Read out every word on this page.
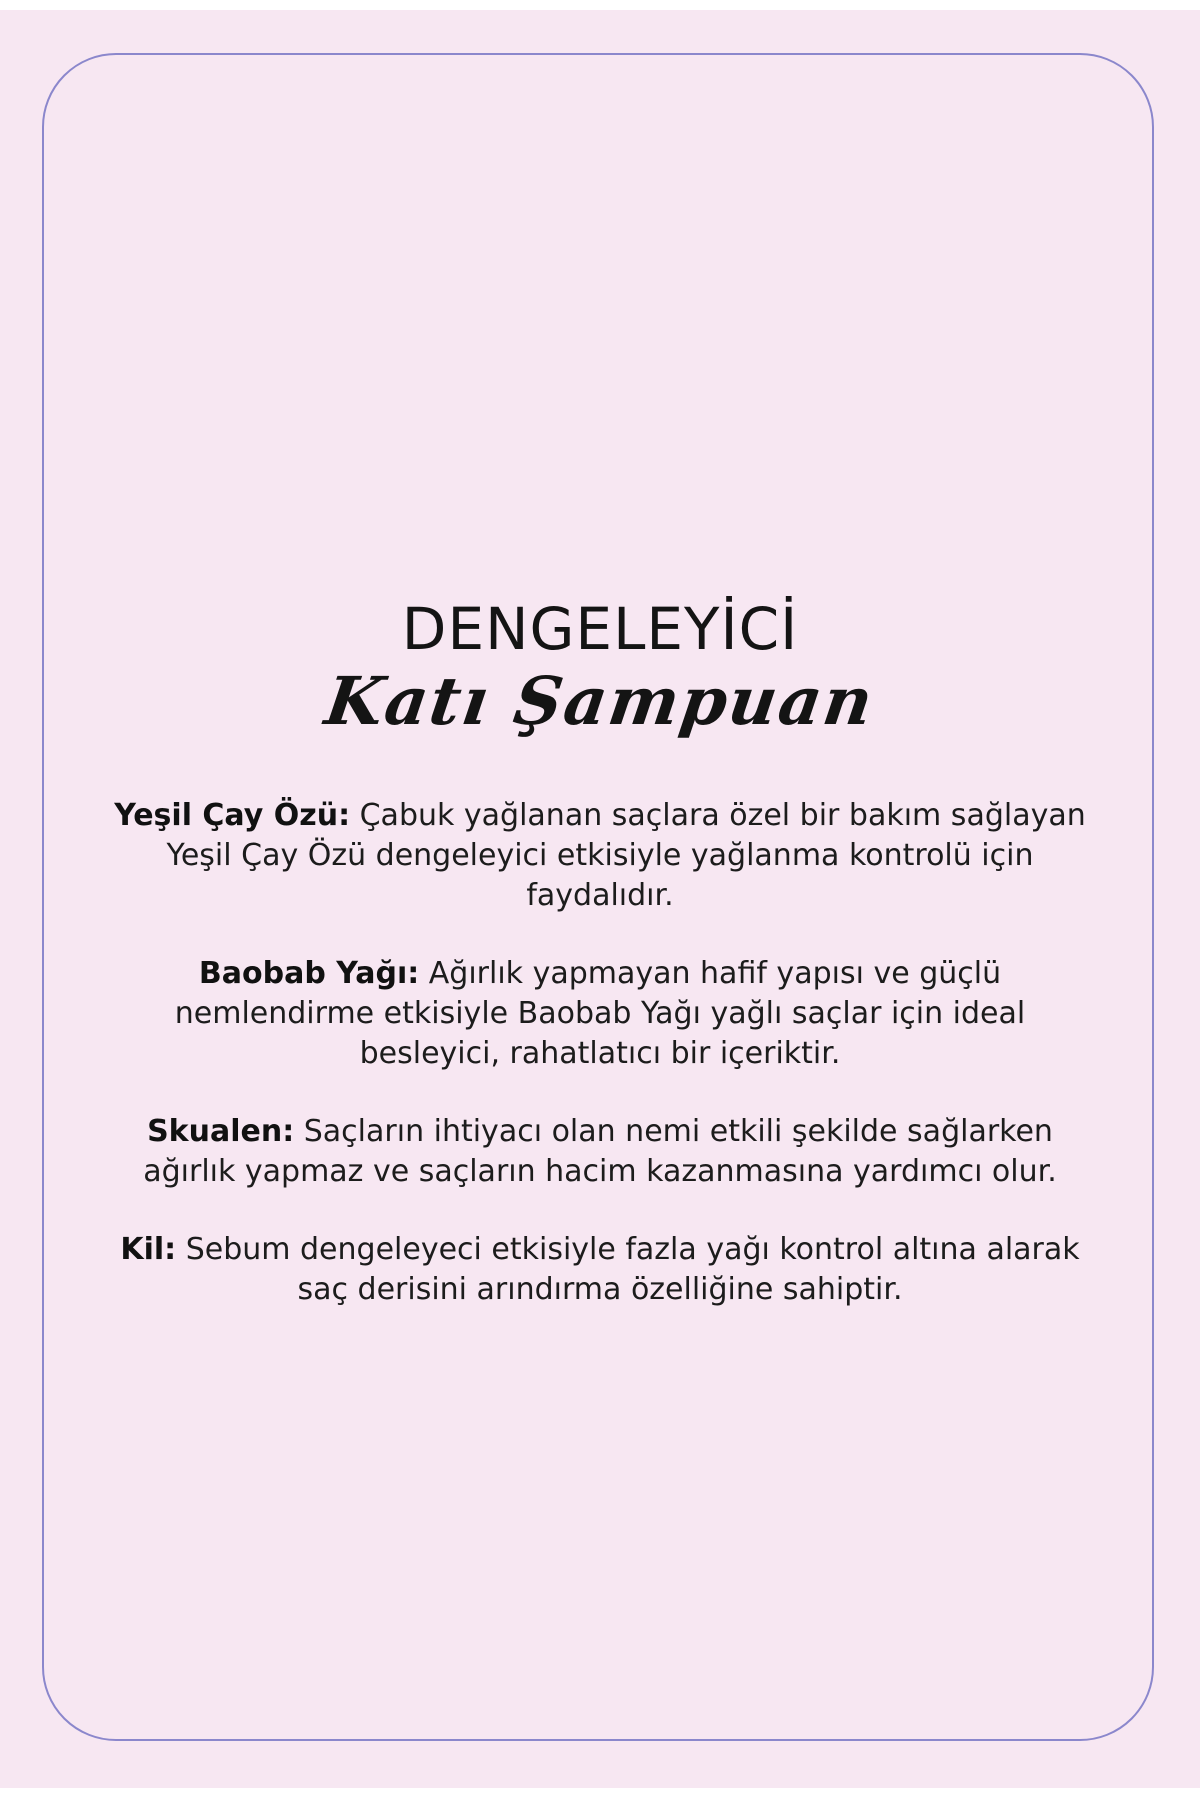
DENGELEYİCİ
Katı Şampuan

Yeşil Çay Özü: Çabuk yağlanan saçlara özel bir bakım sağlayan Yeşil Çay Özü dengeleyici etkisiyle yağlanma kontrolü için faydalıdır.

Baobab Yağı: Ağırlık yapmayan hafif yapısı ve güçlü nemlendirme etkisiyle Baobab Yağı yağlı saçlar için ideal besleyici, rahatlatıcı bir içeriktir.

Skualen: Saçların ihtiyacı olan nemi etkili şekilde sağlarken ağırlık yapmaz ve saçların hacim kazanmasına yardımcı olur.

Kil: Sebum dengeleyeci etkisiyle fazla yağı kontrol altına alarak saç derisini arındırma özelliğine sahiptir.
